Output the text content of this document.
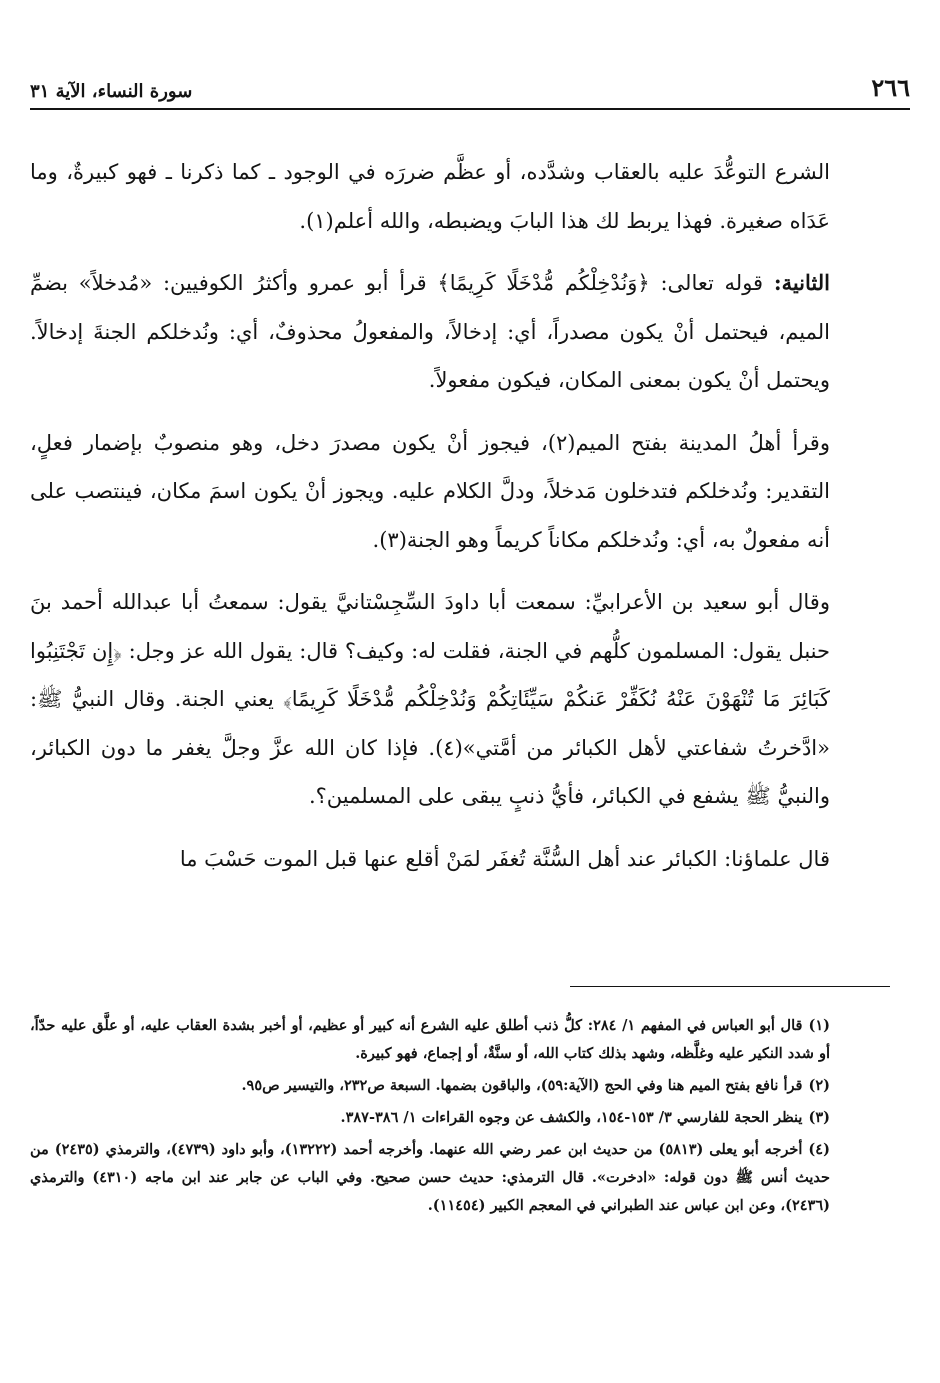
٢٦٦
سورة النساء، الآية ٣١

الشرع التوعُّدَ عليه بالعقاب وشدَّده، أو عظَّم ضررَه في الوجود ـ كما ذكرنا ـ فهو كبيرةٌ، وما عَدَاه صغيرة. فهذا يربط لك هذا البابَ ويضبطه، والله أعلم(١).

الثانية: قوله تعالى: ﴿وَنُدْخِلْكُم مُّدْخَلًا كَرِيمًا﴾ قرأ أبو عمرو وأكثرُ الكوفيين: «مُدخلاً» بضمِّ الميم، فيحتمل أنْ يكون مصدراً، أي: إدخالاً، والمفعولُ محذوفٌ، أي: ونُدخلكم الجنةَ إدخالاً. ويحتمل أنْ يكون بمعنى المكان، فيكون مفعولاً.

وقرأ أهلُ المدينة بفتح الميم(٢)، فيجوز أنْ يكون مصدرَ دخل، وهو منصوبٌ بإضمار فعلٍ، التقدير: ونُدخلكم فتدخلون مَدخلاً، ودلَّ الكلام عليه. ويجوز أنْ يكون اسمَ مكان، فينتصب على أنه مفعولٌ به، أي: ونُدخلكم مكاناً كريماً وهو الجنة(٣).

وقال أبو سعيد بن الأعرابيِّ: سمعت أبا داودَ السِّجِسْتانيَّ يقول: سمعتُ أبا عبدالله أحمد بنَ حنبل يقول: المسلمون كلُّهم في الجنة، فقلت له: وكيف؟ قال: يقول الله عز وجل: ﴿إِن تَجْتَنِبُوا كَبَائِرَ مَا تُنْهَوْنَ عَنْهُ نُكَفِّرْ عَنكُمْ سَيِّئَاتِكُمْ وَنُدْخِلْكُم مُّدْخَلًا كَرِيمًا﴾ يعني الجنة. وقال النبيُّ ﷺ: «ادَّخرتُ شفاعتي لأهل الكبائر من أمَّتي»(٤). فإذا كان الله عزَّ وجلَّ يغفر ما دون الكبائر، والنبيُّ ﷺ يشفع في الكبائر، فأيُّ ذنبٍ يبقى على المسلمين؟.

قال علماؤنا: الكبائر عند أهل السُّنَّة تُغفَر لمَنْ أقلع عنها قبل الموت حَسْبَ ما

(١)قال أبو العباس في المفهم ١/ ٢٨٤: كلُّ ذنب أطلق عليه الشرع أنه كبير أو عظيم، أو أخبر بشدة العقاب عليه، أو علَّق عليه حدّاً، أو شدد النكير عليه وغلَّظه، وشهد بذلك كتاب الله، أو سنَّةٌ، أو إجماع، فهو كبيرة.

(٢)قرأ نافع بفتح الميم هنا وفي الحج (الآية:٥٩)، والباقون بضمها. السبعة ص٢٣٢، والتيسير ص٩٥.

(٣)ينظر الحجة للفارسي ٣/ ١٥٣-١٥٤، والكشف عن وجوه القراءات ١/ ٣٨٦-٣٨٧.

(٤)أخرجه أبو يعلى (٥٨١٣) من حديث ابن عمر رضي الله عنهما. وأخرجه أحمد (١٣٢٢٢)، وأبو داود (٤٧٣٩)، والترمذي (٢٤٣٥) من حديث أنس ﷺ دون قوله: «ادخرت». قال الترمذي: حديث حسن صحيح. وفي الباب عن جابر عند ابن ماجه (٤٣١٠) والترمذي (٢٤٣٦)، وعن ابن عباس عند الطبراني في المعجم الكبير (١١٤٥٤).
